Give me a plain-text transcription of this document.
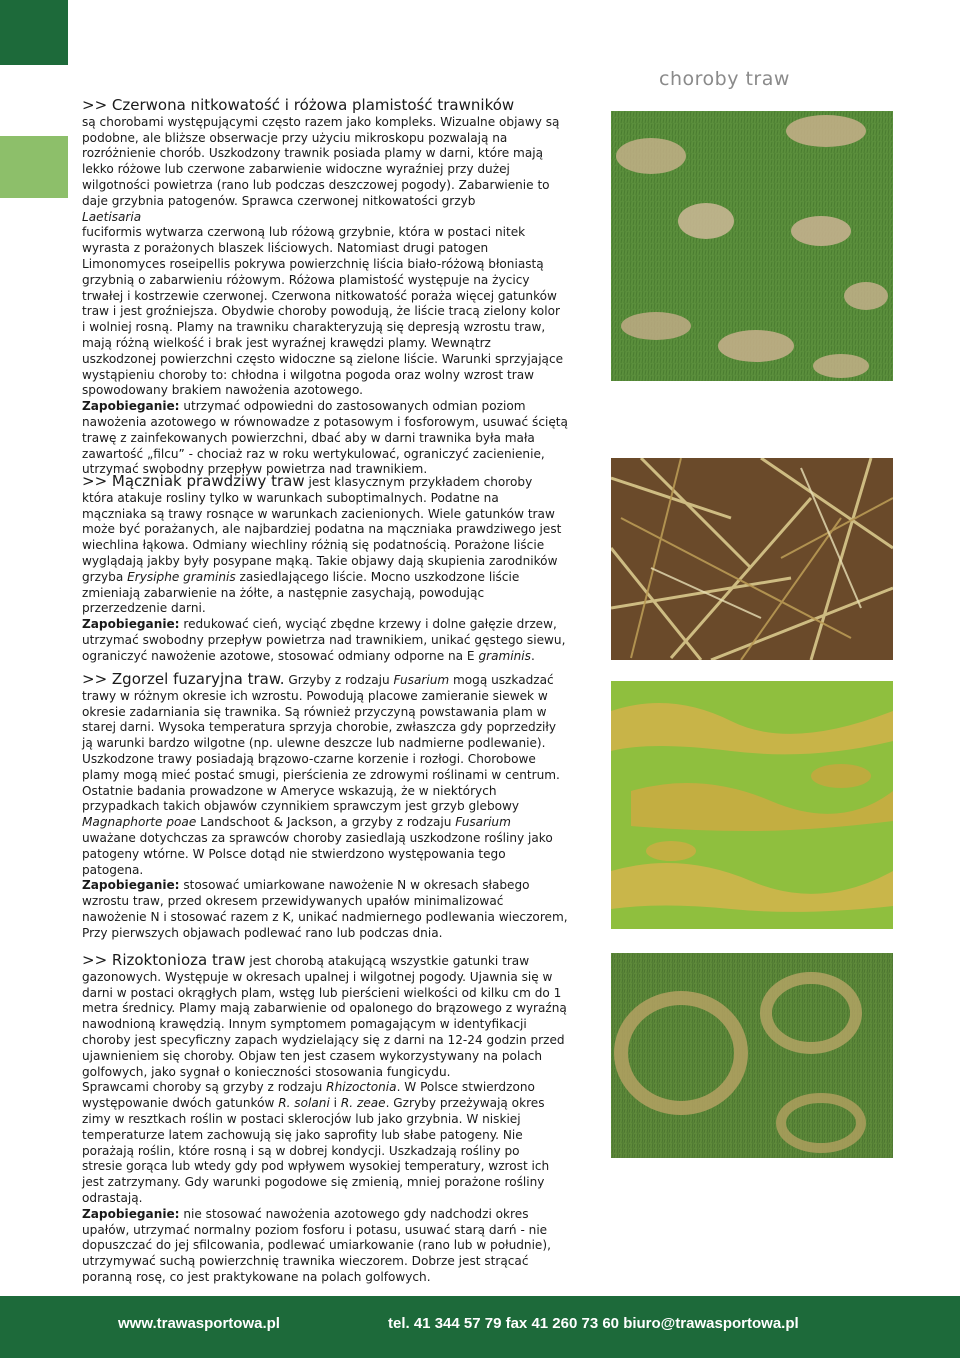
choroby traw

>> Czerwona nitkowatość i różowa plamistość trawników

są chorobami występującymi często razem jako kompleks. Wizualne objawy są

podobne, ale bliższe obserwacje przy użyciu mikroskopu pozwalają na

rozróżnienie chorób. Uszkodzony trawnik posiada plamy w darni, które mają

lekko różowe lub czerwone zabarwienie widoczne wyraźniej przy dużej

wilgotności powietrza (rano lub podczas deszczowej pogody). Zabarwienie to

daje grzybnia patogenów. Sprawca czerwonej nitkowatości grzyb

Laetisaria

fuciformis wytwarza czerwoną lub różową grzybnie, która w postaci nitek

wyrasta z porażonych blaszek liściowych. Natomiast drugi patogen

Limonomyces roseipellis pokrywa powierzchnię liścia biało-różową błoniastą

grzybnią o zabarwieniu różowym. Różowa plamistość występuje na życicy

trwałej i kostrzewie czerwonej. Czerwona nitkowatość poraża więcej gatunków

traw i jest groźniejsza. Obydwie choroby powodują, że liście tracą zielony kolor

i wolniej rosną. Plamy na trawniku charakteryzują się depresją wzrostu traw,

mają różną wielkość i brak jest wyraźnej krawędzi plamy. Wewnątrz

uszkodzonej powierzchni często widoczne są zielone liście. Warunki sprzyjające

wystąpieniu choroby to: chłodna i wilgotna pogoda oraz wolny wzrost traw

spowodowany brakiem nawożenia azotowego.

Zapobieganie: utrzymać odpowiedni do zastosowanych odmian poziom

nawożenia azotowego w równowadze z potasowym i fosforowym, usuwać ściętą

trawę z zainfekowanych powierzchni, dbać aby w darni trawnika była mała

zawartość „filcu” - chociaż raz w roku wertykulować, ograniczyć zacienienie,

utrzymać swobodny przepływ powietrza nad trawnikiem.

>> Mączniak prawdziwy traw jest klasycznym przykładem choroby

która atakuje rosliny tylko w warunkach suboptimalnych. Podatne na

mączniaka są trawy rosnące w warunkach zacienionych. Wiele gatunków traw

może być porażanych, ale najbardziej podatna na mączniaka prawdziwego jest

wiechlina łąkowa. Odmiany wiechliny różnią się podatnością. Porażone liście

wyglądają jakby były posypane mąką. Takie objawy dają skupienia zarodników

grzyba Erysiphe graminis zasiedlającego liście. Mocno uszkodzone liście

zmieniają zabarwienie na żółte, a następnie zasychają, powodując

przerzedzenie darni.

Zapobieganie: redukować cień, wyciąć zbędne krzewy i dolne gałęzie drzew,

utrzymać swobodny przepływ powietrza nad trawnikiem, unikać gęstego siewu,

ograniczyć nawożenie azotowe, stosować odmiany odporne na E graminis.

>> Zgorzel fuzaryjna traw. Grzyby z rodzaju Fusarium mogą uszkadzać

trawy w różnym okresie ich wzrostu. Powodują placowe zamieranie siewek w

okresie zadarniania się trawnika. Są również przyczyną powstawania plam w

starej darni. Wysoka temperatura sprzyja chorobie, zwłaszcza gdy poprzedziły

ją warunki bardzo wilgotne (np. ulewne deszcze lub nadmierne podlewanie).

Uszkodzone trawy posiadają brązowo-czarne korzenie i rozłogi. Chorobowe

plamy mogą mieć postać smugi, pierścienia ze zdrowymi roślinami w centrum.

Ostatnie badania prowadzone w Ameryce wskazują, że w niektórych

przypadkach takich objawów czynnikiem sprawczym jest grzyb glebowy

Magnaphorte poae Landschoot & Jackson, a grzyby z rodzaju Fusarium

uważane dotychczas za sprawców choroby zasiedlają uszkodzone rośliny jako

patogeny wtórne. W Polsce dotąd nie stwierdzono występowania tego

patogena.

Zapobieganie: stosować umiarkowane nawożenie N w okresach słabego

wzrostu traw, przed okresem przewidywanych upałów minimalizować

nawożenie N i stosować razem z K, unikać nadmiernego podlewania wieczorem,

Przy pierwszych objawach podlewać rano lub podczas dnia.

>> Rizoktonioza traw jest chorobą atakującą wszystkie gatunki traw

gazonowych. Występuje w okresach upalnej i wilgotnej pogody. Ujawnia się w

darni w postaci okrągłych plam, wstęg lub pierścieni wielkości od kilku cm do 1

metra średnicy. Plamy mają zabarwienie od opalonego do brązowego z wyraźną

nawodnioną krawędzią. Innym symptomem pomagającym w identyfikacji

choroby jest specyficzny zapach wydzielający się z darni na 12-24 godzin przed

ujawnieniem się choroby. Objaw ten jest czasem wykorzystywany na polach

golfowych, jako sygnał o konieczności stosowania fungicydu.

Sprawcami choroby są grzyby z rodzaju Rhizoctonia. W Polsce stwierdzono

występowanie dwóch gatunków R. solani i R. zeae. Gzryby przeżywają okres

zimy w resztkach roślin w postaci sklerocjów lub jako grzybnia. W niskiej

temperaturze latem zachowują się jako saprofity lub słabe patogeny. Nie

porażają roślin, które rosną i są w dobrej kondycji. Uszkadzają rośliny po

stresie gorąca lub wtedy gdy pod wpływem wysokiej temperatury, wzrost ich

jest zatrzymany. Gdy warunki pogodowe się zmienią, mniej porażone rośliny

odrastają.

Zapobieganie: nie stosować nawożenia azotowego gdy nadchodzi okres

upałów, utrzymać normalny poziom fosforu i potasu, usuwać starą darń - nie

dopuszczać do jej sfilcowania, podlewać umiarkowanie (rano lub w południe),

utrzymywać suchą powierzchnię trawnika wieczorem. Dobrze jest strącać

poranną rosę, co jest praktykowane na polach golfowych.

www.trawasportowa.pl	tel. 41 344 57 79 fax 41 260 73 60 biuro@trawasportowa.pl
